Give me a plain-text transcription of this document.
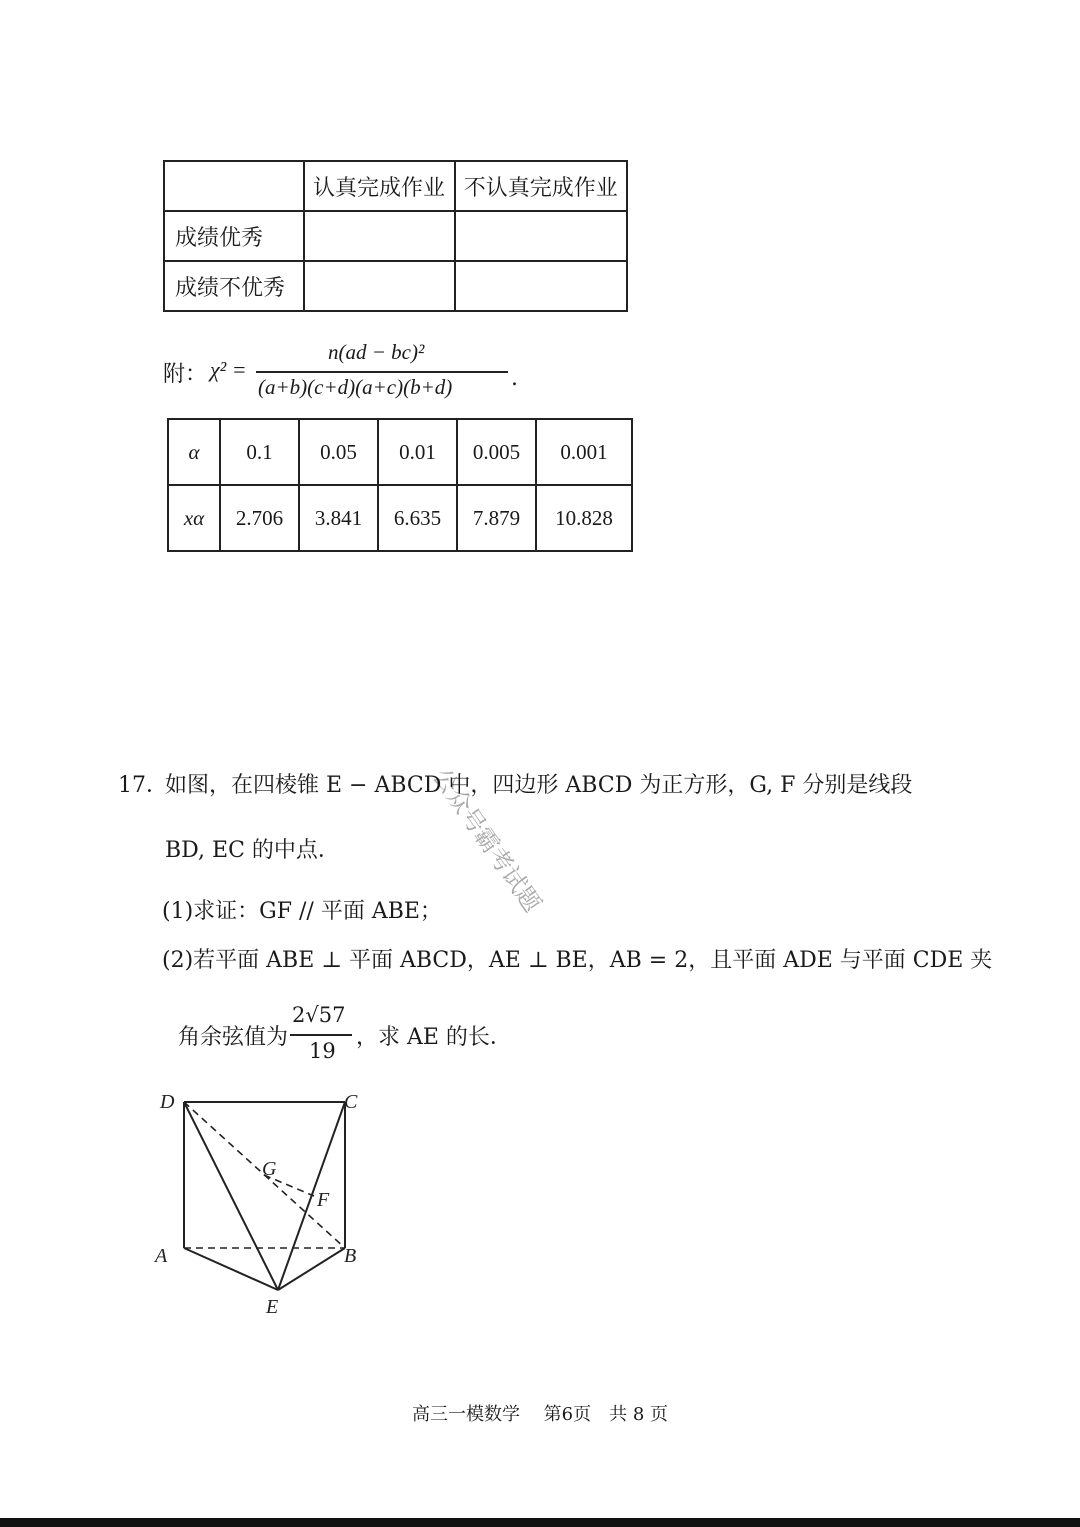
	认真完成作业	不认真完成作业
成绩优秀		
成绩不优秀		
附： χ² =
n(ad − bc)²
(a+b)(c+d)(a+c)(b+d)	.
α	0.1	0.05	0.01	0.005	0.001
xα	2.706	3.841	6.635	7.879	10.828
公众号霸考试题
17．
如图，在四棱锥 E − ABCD 中，四边形 ABCD 为正方形，G, F 分别是线段
BD, EC 的中点．
(1)求证：GF // 平面 ABE；
(2)若平面 ABE ⊥ 平面 ABCD，AE ⊥ BE，AB = 2，且平面 ADE 与平面 CDE 夹
角余弦值为
2√57
19
，求 AE 的长．
D	C
G
F
A	B
E
高三一模数学　 第6页　共 8 页
